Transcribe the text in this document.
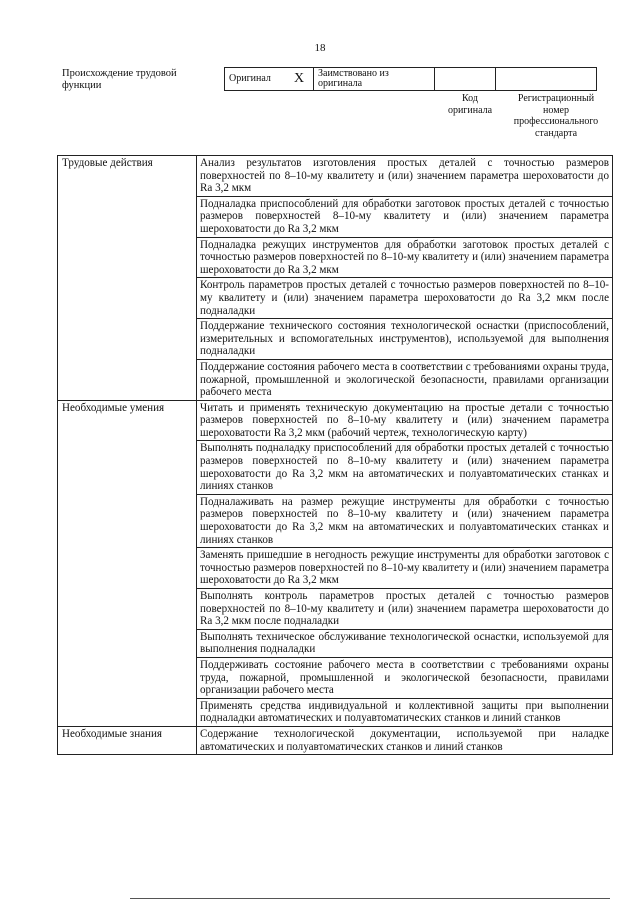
18
Происхождение трудовой функции
Оригинал	X	Заимствовано из оригинала		
Код оригинала
Регистрационный номер профессионального стандарта
Трудовые действия	Анализ результатов изготовления простых деталей с точностью размеров поверхностей по 8–10-му квалитету и (или) значением параметра шероховатости до Ra 3,2 мкм
	Подналадка приспособлений для обработки заготовок простых деталей с точностью размеров поверхностей 8–10-му квалитету и (или) значением параметра шероховатости до Ra 3,2 мкм
	Подналадка режущих инструментов для обработки заготовок простых деталей с точностью размеров поверхностей по 8–10-му квалитету и (или) значением параметра шероховатости до Ra 3,2 мкм
	Контроль параметров простых деталей с точностью размеров поверхностей по 8–10-му квалитету и (или) значением параметра шероховатости до Ra 3,2 мкм после подналадки
	Поддержание технического состояния технологической оснастки (приспособлений, измерительных и вспомогательных инструментов), используемой для выполнения подналадки
	Поддержание состояния рабочего места в соответствии с требованиями охраны труда, пожарной, промышленной и экологической безопасности, правилами организации рабочего места
Необходимые умения	Читать и применять техническую документацию на простые детали с точностью размеров поверхностей по 8–10-му квалитету и (или) значением параметра шероховатости Ra 3,2 мкм (рабочий чертеж, технологическую карту)
	Выполнять подналадку приспособлений для обработки простых деталей с точностью размеров поверхностей по 8–10-му квалитету и (или) значением параметра шероховатости до Ra 3,2 мкм на автоматических и полуавтоматических станках и линиях станков
	Подналаживать на размер режущие инструменты для обработки с точностью размеров поверхностей по 8–10-му квалитету и (или) значением параметра шероховатости до Ra 3,2 мкм на автоматических и полуавтоматических станках и линиях станков
	Заменять пришедшие в негодность режущие инструменты для обработки заготовок с точностью размеров поверхностей по 8–10-му квалитету и (или) значением параметра шероховатости до Ra 3,2 мкм
	Выполнять контроль параметров простых деталей с точностью размеров поверхностей по 8–10-му квалитету и (или) значением параметра шероховатости до Ra 3,2 мкм после подналадки
	Выполнять техническое обслуживание технологической оснастки, используемой для выполнения подналадки
	Поддерживать состояние рабочего места в соответствии с требованиями охраны труда, пожарной, промышленной и экологической безопасности, правилами организации рабочего места
	Применять средства индивидуальной и коллективной защиты при выполнении подналадки автоматических и полуавтоматических станков и линий станков
Необходимые знания	Содержание технологической документации, используемой при наладке автоматических и полуавтоматических станков и линий станков
